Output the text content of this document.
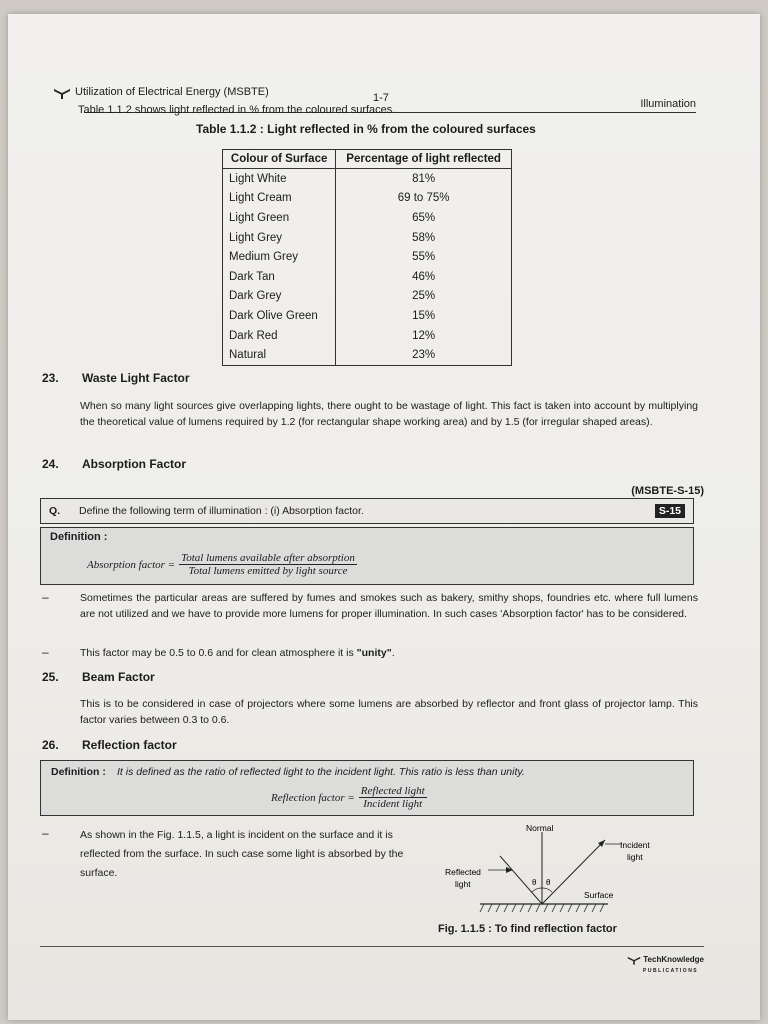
Utilization of Electrical Energy (MSBTE)	1-7	Illumination
Table 1.1.2 shows light reflected in % from the coloured surfaces.
Table 1.1.2 : Light reflected in % from the coloured surfaces
Colour of Surface	Percentage of light reflected
Light White	81%
Light Cream	69 to 75%
Light Green	65%
Light Grey	58%
Medium Grey	55%
Dark Tan	46%
Dark Grey	25%
Dark Olive Green	15%
Dark Red	12%
Natural	23%
23. Waste Light Factor
When so many light sources give overlapping lights, there ought to be wastage of light. This fact is taken into account by multiplying the theoretical value of lumens required by 1.2 (for rectangular shape working area) and by 1.5 (for irregular shaped areas).
24. Absorption Factor
(MSBTE-S-15)
Q. Define the following term of illumination : (i) Absorption factor.	S-15
Definition :
Absorption factor = $\frac{\text{Total lumens available after absorption}}{\text{Total lumens emitted by light source}}$
–	Sometimes the particular areas are suffered by fumes and smokes such as bakery, smithy shops, foundries etc. where full lumens are not utilized and we have to provide more lumens for proper illumination. In such cases 'Absorption factor' has to be considered.
–	This factor may be 0.5 to 0.6 and for clean atmosphere it is "unity".
25. Beam Factor
This is to be considered in case of projectors where some lumens are absorbed by reflector and front glass of projector lamp. This factor varies between 0.3 to 0.6.
26. Reflection factor
Definition : It is defined as the ratio of reflected light to the incident light. This ratio is less than unity.
Reflection factor = $\frac{\text{Reflected light}}{\text{Incident light}}$
–	As shown in the Fig. 1.1.5, a light is incident on the surface and it is reflected from the surface. In such case some light is absorbed by the surface.
Normal
Incident
light
Reflected
light	θ θ
Surface
Fig. 1.1.5 : To find reflection factor
TechKnowledge
PUBLICATIONS
